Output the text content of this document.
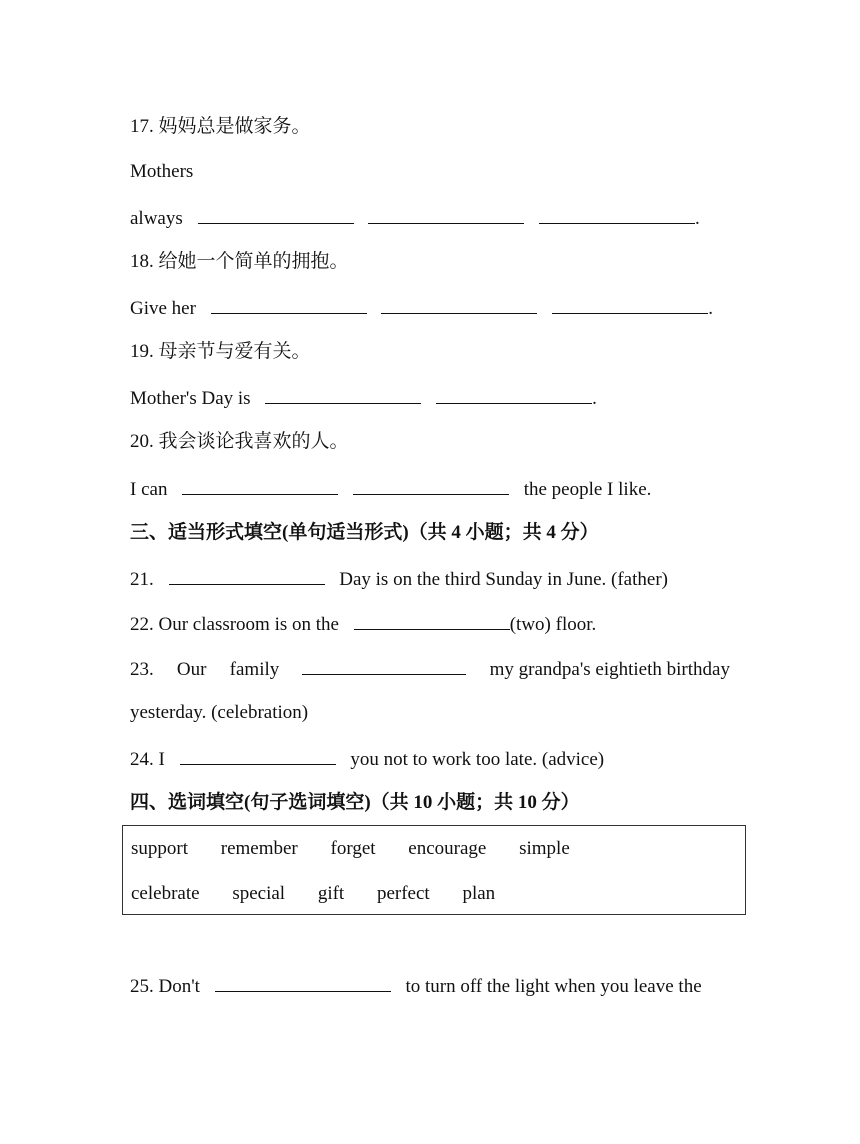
17. 妈妈总是做家务。
Mothers
always	.
18. 给她一个简单的拥抱。
Give her	.
19. 母亲节与爱有关。
Mother's Day is	.
20. 我会谈论我喜欢的人。
I can	the people I like.
三、适当形式填空(单句适当形式)（共 4 小题；共 4 分）
21.	Day is on the third Sunday in June. (father)
22. Our classroom is on the	(two) floor.
23. Our family	my grandpa's eightieth birthday
yesterday. (celebration)
24. I	you not to work too late. (advice)
四、选词填空(句子选词填空)（共 10 小题；共 10 分）
support remember forget encourage simple
celebrate special gift perfect plan
25. Don't	to turn off the light when you leave the
